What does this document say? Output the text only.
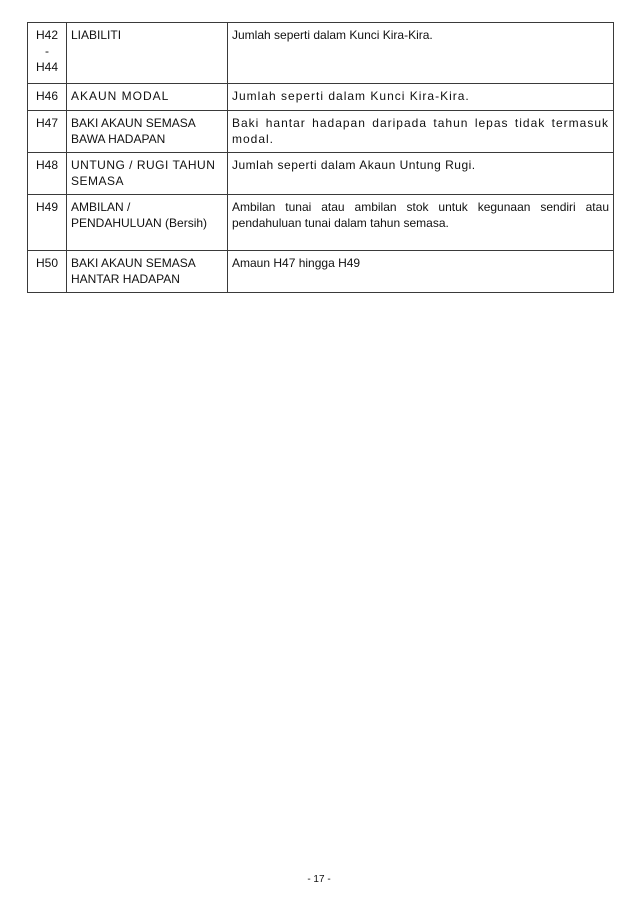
H42
-
H44	LIABILITI	Jumlah seperti dalam Kunci Kira-Kira.
H46	AKAUN MODAL	Jumlah seperti dalam Kunci Kira-Kira.
H47	BAKI AKAUN SEMASA BAWA HADAPAN	Baki hantar hadapan daripada tahun lepas tidak termasuk modal.
H48	UNTUNG / RUGI TAHUN SEMASA	Jumlah seperti dalam Akaun Untung Rugi.
H49	AMBILAN / PENDAHULUAN (Bersih)	Ambilan tunai atau ambilan stok untuk kegunaan sendiri atau pendahuluan tunai dalam tahun semasa.
H50	BAKI AKAUN SEMASA HANTAR HADAPAN	Amaun H47 hingga H49
- 17 -
